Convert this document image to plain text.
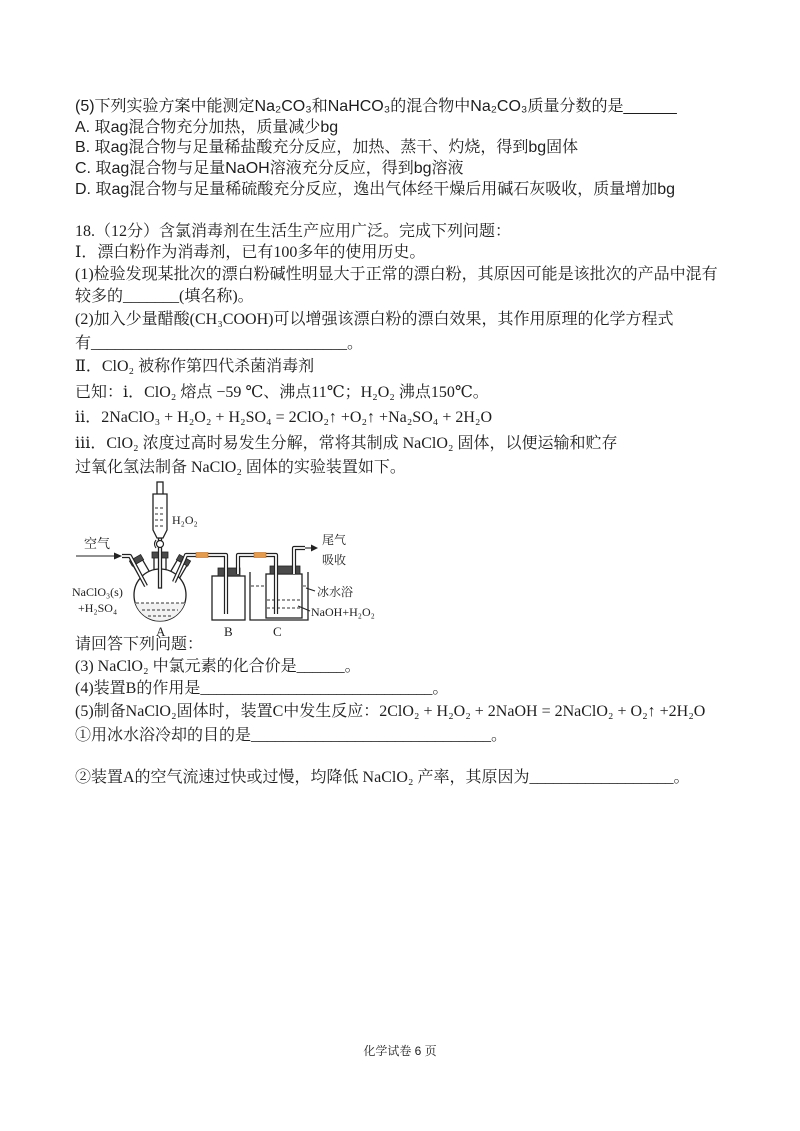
(5)下列实验方案中能测定Na₂CO₃和NaHCO₃的混合物中Na₂CO₃质量分数的是______
A. 取ag混合物充分加热，质量减少bg
B. 取ag混合物与足量稀盐酸充分反应，加热、蒸干、灼烧，得到bg固体
C. 取ag混合物与足量NaOH溶液充分反应，得到bg溶液
D. 取ag混合物与足量稀硫酸充分反应，逸出气体经干燥后用碱石灰吸收，质量增加bg
18.（12分）含氯消毒剂在生活生产应用广泛。完成下列问题：
Ⅰ．漂白粉作为消毒剂，已有100多年的使用历史。
(1)检验发现某批次的漂白粉碱性明显大于正常的漂白粉，其原因可能是该批次的产品中混有
较多的_______(填名称)。
(2)加入少量醋酸(CH₃COOH)可以增强该漂白粉的漂白效果，其作用原理的化学方程式
有________________________________。
Ⅱ．ClO₂ 被称作第四代杀菌消毒剂
已知：ⅰ．ClO₂ 熔点 −59 ℃、沸点11℃；H₂O₂ 沸点150℃。
ⅱ．2NaClO₃ + H₂O₂ + H₂SO₄ = 2ClO₂↑ +O₂↑ +Na₂SO₄ + 2H₂O
ⅲ．ClO₂ 浓度过高时易发生分解，常将其制成 NaClO₂ 固体，以便运输和贮存
过氧化氢法制备 NaClO₂ 固体的实验装置如下。
空气
H₂O₂
尾气
吸收
冰水浴
NaOH+H₂O₂
NaClO₃(s)
+H₂SO₄
A	B	C
请回答下列问题：
(3) NaClO₂ 中氯元素的化合价是______。
(4)装置B的作用是_____________________________。
(5)制备NaClO₂固体时，装置C中发生反应：2ClO₂ + H₂O₂ + 2NaOH = 2NaClO₂ + O₂↑ +2H₂O
①用冰水浴冷却的目的是______________________________。
②装置A的空气流速过快或过慢，均降低 NaClO₂ 产率，其原因为__________________。
化学试卷 6 页
